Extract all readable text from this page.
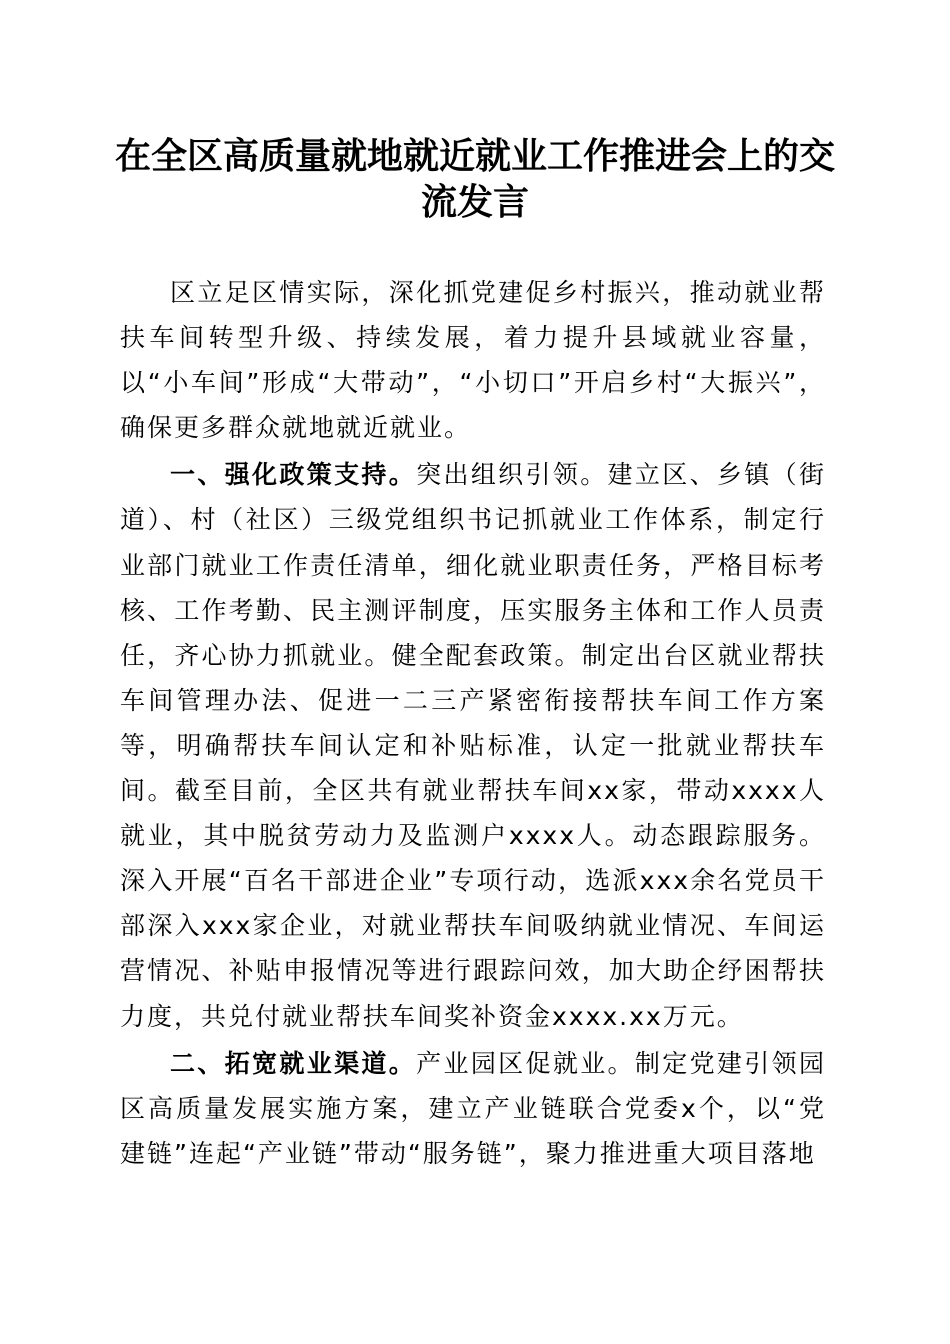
在全区高质量就地就近就业工作推进会上的交流发言

区立足区情实际，深化抓党建促乡村振兴，推动就业帮扶车间转型升级、持续发展，着力提升县域就业容量，以“小车间”形成“大带动”，“小切口”开启乡村“大振兴”，确保更多群众就地就近就业。

一、强化政策支持。突出组织引领。建立区、乡镇（街道）、村（社区）三级党组织书记抓就业工作体系，制定行业部门就业工作责任清单，细化就业职责任务，严格目标考核、工作考勤、民主测评制度，压实服务主体和工作人员责任，齐心协力抓就业。健全配套政策。制定出台区就业帮扶车间管理办法、促进一二三产紧密衔接帮扶车间工作方案等，明确帮扶车间认定和补贴标准，认定一批就业帮扶车间。截至目前，全区共有就业帮扶车间xx家，带动xxxx人就业，其中脱贫劳动力及监测户xxxx人。动态跟踪服务。深入开展“百名干部进企业”专项行动，选派xxx余名党员干部深入xxx家企业，对就业帮扶车间吸纳就业情况、车间运营情况、补贴申报情况等进行跟踪问效，加大助企纾困帮扶力度，共兑付就业帮扶车间奖补资金xxxx.xx万元。

二、拓宽就业渠道。产业园区促就业。制定党建引领园区高质量发展实施方案，建立产业链联合党委x个，以“党建链”连起“产业链”带动“服务链”，聚力推进重大项目落地
